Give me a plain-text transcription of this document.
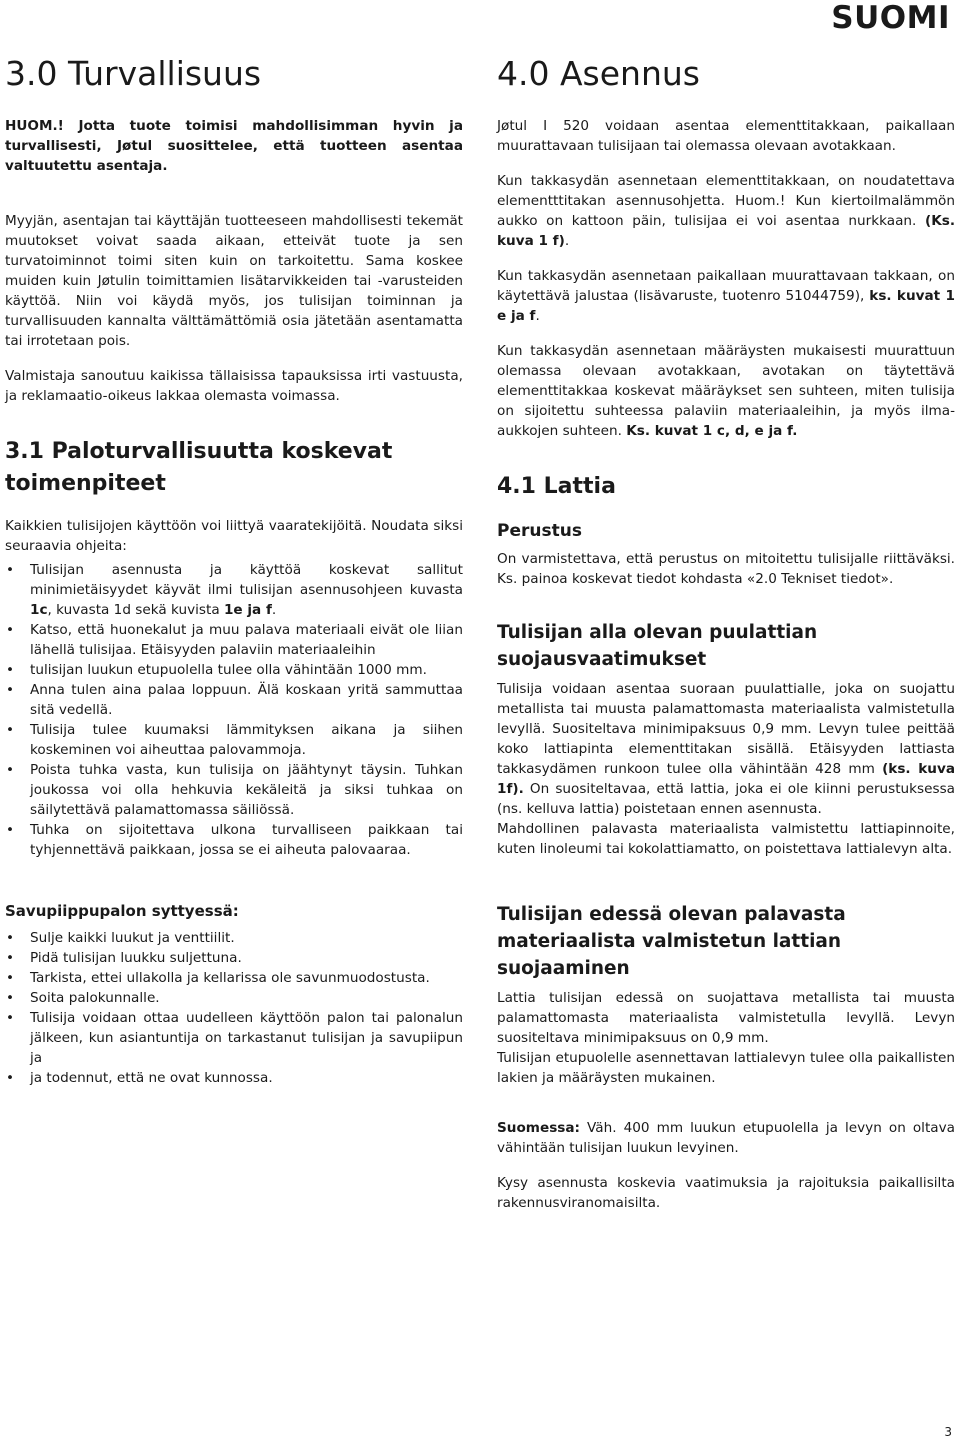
SUOMI
3.0 Turvallisuus

HUOM.! Jotta tuote toimisi mahdollisimman hyvin ja turvallisesti, Jøtul suosittelee, että tuotteen asentaa valtuutettu asentaja.

Myyjän, asentajan tai käyttäjän tuotteeseen mahdollisesti tekemät muutokset voivat saada aikaan, etteivät tuote ja sen turvatoiminnot toimi siten kuin on tarkoitettu. Sama koskee muiden kuin Jøtulin toimittamien lisätarvikkeiden tai -varusteiden käyttöä. Niin voi käydä myös, jos tulisijan toiminnan ja turvallisuuden kannalta välttämättömiä osia jätetään asentamatta tai irrotetaan pois.

Valmistaja sanoutuu kaikissa tällaisissa tapauksissa irti vastuusta, ja reklamaatio-oikeus lakkaa olemasta voimassa.

3.1 Paloturvallisuutta koskevat toimenpiteet

Kaikkien tulisijojen käyttöön voi liittyä vaaratekijöitä. Noudata siksi seuraavia ohjeita:

• Tulisijan asennusta ja käyttöä koskevat sallitut minimietäisyydet käyvät ilmi tulisijan asennusohjeen kuvasta 1c, kuvasta 1d sekä kuvista 1e ja f.
• Katso, että huonekalut ja muu palava materiaali eivät ole liian lähellä tulisijaa. Etäisyyden palaviin materiaaleihin
• tulisijan luukun etupuolella tulee olla vähintään 1000 mm.
• Anna tulen aina palaa loppuun. Älä koskaan yritä sammuttaa sitä vedellä.
• Tulisija tulee kuumaksi lämmityksen aikana ja siihen koskeminen voi aiheuttaa palovammoja.
• Poista tuhka vasta, kun tulisija on jäähtynyt täysin. Tuhkan joukossa voi olla hehkuvia kekäleitä ja siksi tuhkaa on säilytettävä palamattomassa säiliössä.
• Tuhka on sijoitettava ulkona turvalliseen paikkaan tai tyhjennettävä paikkaan, jossa se ei aiheuta palovaaraa.
Savupiippupalon syttyessä:
• Sulje kaikki luukut ja venttiilit.
• Pidä tulisijan luukku suljettuna.
• Tarkista, ettei ullakolla ja kellarissa ole savunmuodostusta.
• Soita palokunnalle.
• Tulisija voidaan ottaa uudelleen käyttöön palon tai palonalun jälkeen, kun asiantuntija on tarkastanut tulisijan ja savupiipun ja
• ja todennut, että ne ovat kunnossa.
4.0 Asennus

Jøtul I 520 voidaan asentaa elementtitakkaan, paikallaan muurattavaan tulisijaan tai olemassa olevaan avotakkaan.

Kun takkasydän asennetaan elementtitakkaan, on noudatettava elementttitakan asennusohjetta. Huom.! Kun kiertoilmalämmön aukko on kattoon päin, tulisijaa ei voi asentaa nurkkaan. (Ks. kuva 1 f).

Kun takkasydän asennetaan paikallaan muurattavaan takkaan, on käytettävä jalustaa (lisävaruste, tuotenro 51044759), ks. kuvat 1 e ja f.

Kun takkasydän asennetaan määräysten mukaisesti muurattuun olemassa olevaan avotakkaan, avotakan on täytettävä elementtitakkaa koskevat määräykset sen suhteen, miten tulisija on sijoitettu suhteessa palaviin materiaaleihin, ja myös ilma-aukkojen suhteen. Ks. kuvat 1 c, d, e ja f.

4.1 Lattia
Perustus

On varmistettava, että perustus on mitoitettu tulisijalle riittäväksi. Ks. painoa koskevat tiedot kohdasta «2.0 Tekniset tiedot».

Tulisijan alla olevan puulattian suojausvaatimukset

Tulisija voidaan asentaa suoraan puulattialle, joka on suojattu metallista tai muusta palamattomasta materiaalista valmistetulla levyllä. Suositeltava minimipaksuus 0,9 mm. Levyn tulee peittää koko lattiapinta elementtitakan sisällä. Etäisyyden lattiasta takkasydämen runkoon tulee olla vähintään 428 mm (ks. kuva 1f). On suositeltavaa, että lattia, joka ei ole kiinni perustuksessa (ns. kelluva lattia) poistetaan ennen asennusta.

Mahdollinen palavasta materiaalista valmistettu lattiapinnoite, kuten linoleumi tai kokolattiamatto, on poistettava lattialevyn alta.

Tulisijan edessä olevan palavasta materiaalista valmistetun lattian suojaaminen

Lattia tulisijan edessä on suojattava metallista tai muusta palamattomasta materiaalista valmistetulla levyllä. Levyn suositeltava minimipaksuus on 0,9 mm.
Tulisijan etupuolelle asennettavan lattialevyn tulee olla paikallisten lakien ja määräysten mukainen.

Suomessa: Väh. 400 mm luukun etupuolella ja levyn on oltava vähintään tulisijan luukun levyinen.

Kysy asennusta koskevia vaatimuksia ja rajoituksia paikallisilta rakennusviranomaisilta.

3
